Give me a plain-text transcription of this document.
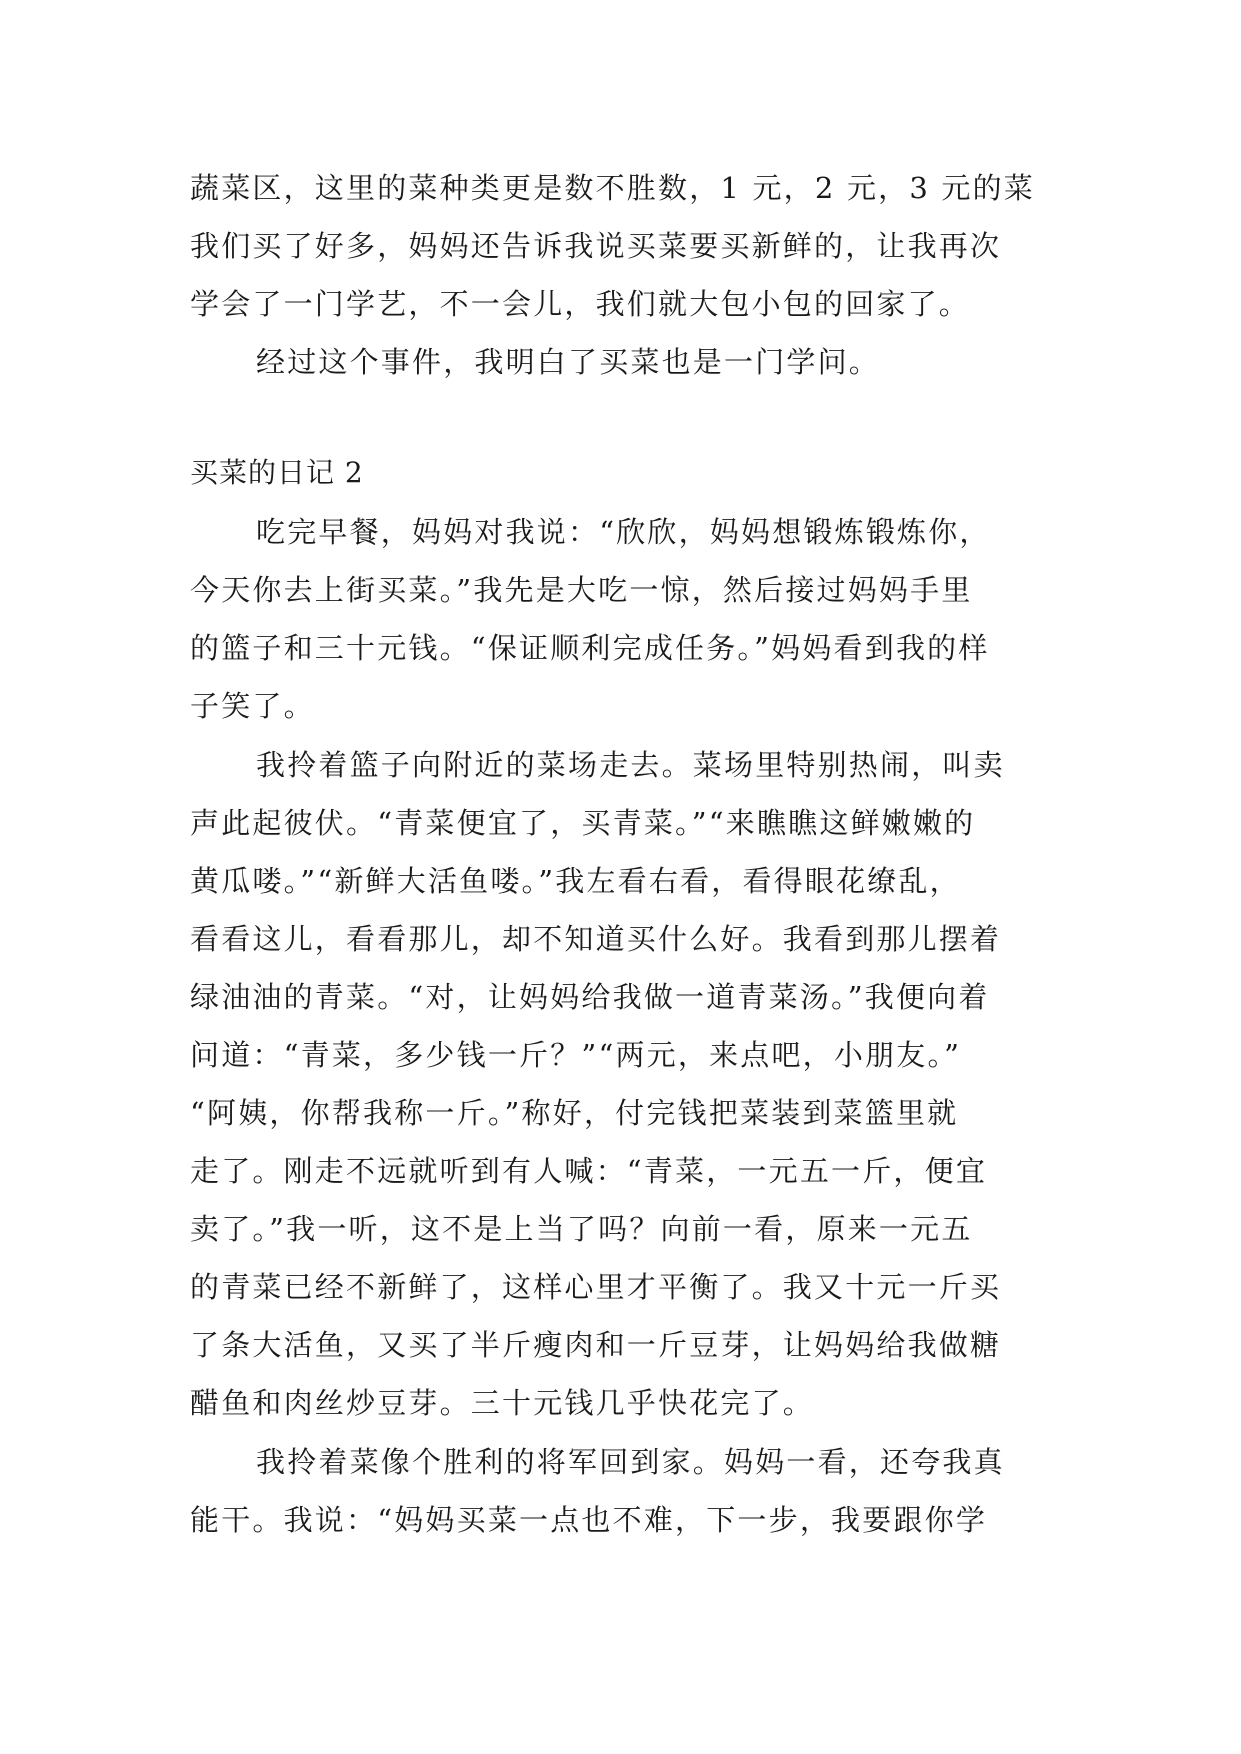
蔬菜区，这里的菜种类更是数不胜数，1 元，2 元，3 元的菜
我们买了好多，妈妈还告诉我说买菜要买新鲜的，让我再次
学会了一门学艺，不一会儿，我们就大包小包的回家了。
经过这个事件，我明白了买菜也是一门学问。
买菜的日记 2
吃完早餐，妈妈对我说：“欣欣，妈妈想锻炼锻炼你，
今天你去上街买菜。”我先是大吃一惊，然后接过妈妈手里
的篮子和三十元钱。“保证顺利完成任务。”妈妈看到我的样
子笑了。
我拎着篮子向附近的菜场走去。菜场里特别热闹，叫卖
声此起彼伏。“青菜便宜了，买青菜。”“来瞧瞧这鲜嫩嫩的
黄瓜喽。”“新鲜大活鱼喽。”我左看右看，看得眼花缭乱，
看看这儿，看看那儿，却不知道买什么好。我看到那儿摆着
绿油油的青菜。“对，让妈妈给我做一道青菜汤。”我便向着
问道：“青菜，多少钱一斤？”“两元，来点吧，小朋友。”
“阿姨，你帮我称一斤。”称好，付完钱把菜装到菜篮里就
走了。刚走不远就听到有人喊：“青菜，一元五一斤，便宜
卖了。”我一听，这不是上当了吗？向前一看，原来一元五
的青菜已经不新鲜了，这样心里才平衡了。我又十元一斤买
了条大活鱼，又买了半斤瘦肉和一斤豆芽，让妈妈给我做糖
醋鱼和肉丝炒豆芽。三十元钱几乎快花完了。
我拎着菜像个胜利的将军回到家。妈妈一看，还夸我真
能干。我说：“妈妈买菜一点也不难，下一步，我要跟你学
